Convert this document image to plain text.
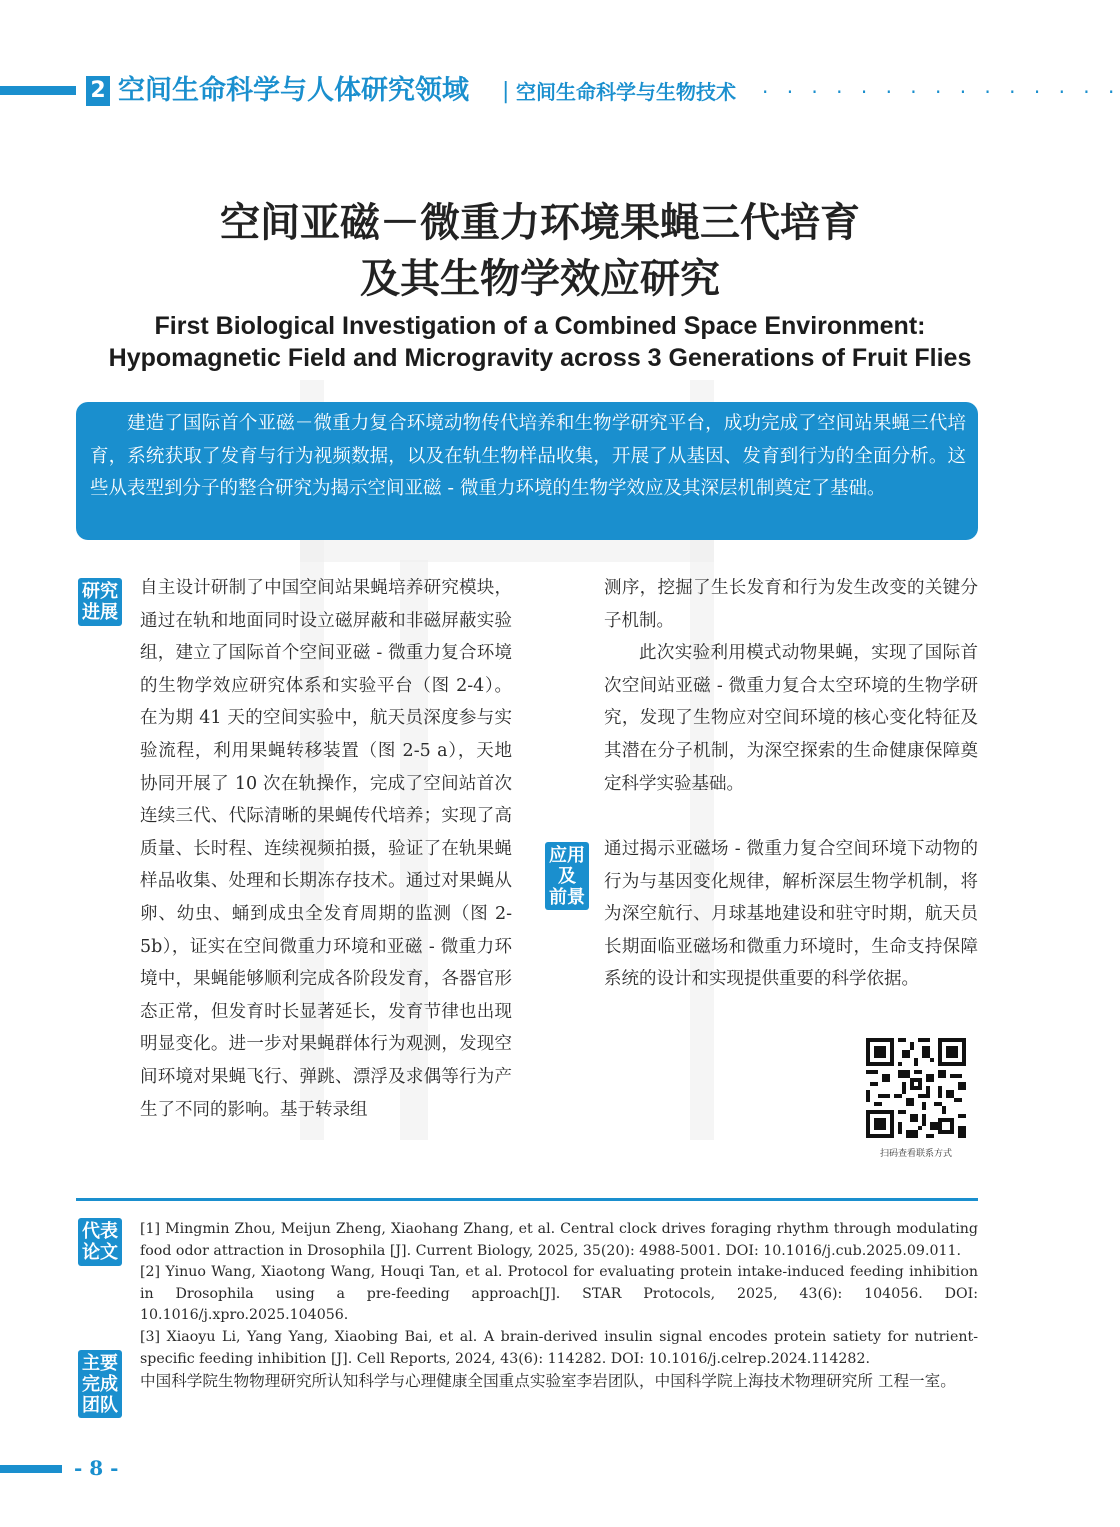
2 空间生命科学与人体研究领域 | 空间生命科学与生物技术 · · · · · · · · · · · · · · ·
空间亚磁－微重力环境果蝇三代培育
及其生物学效应研究
First Biological Investigation of a Combined Space Environment:
Hypomagnetic Field and Microgravity across 3 Generations of Fruit Flies

建造了国际首个亚磁－微重力复合环境动物传代培养和生物学研究平台，成功完成了空间站果蝇三代培育，系统获取了发育与行为视频数据，以及在轨生物样品收集，开展了从基因、发育到行为的全面分析。这些从表型到分子的整合研究为揭示空间亚磁 - 微重力环境的生物学效应及其深层机制奠定了基础。

研究
进展

自主设计研制了中国空间站果蝇培养研究模块，通过在轨和地面同时设立磁屏蔽和非磁屏蔽实验组，建立了国际首个空间亚磁 - 微重力复合环境的生物学效应研究体系和实验平台（图 2-4）。在为期 41 天的空间实验中，航天员深度参与实验流程，利用果蝇转移装置（图 2-5 a），天地协同开展了 10 次在轨操作，完成了空间站首次连续三代、代际清晰的果蝇传代培养；实现了高质量、长时程、连续视频拍摄，验证了在轨果蝇样品收集、处理和长期冻存技术。通过对果蝇从卵、幼虫、蛹到成虫全发育周期的监测（图 2-5b），证实在空间微重力环境和亚磁 - 微重力环境中，果蝇能够顺利完成各阶段发育，各器官形态正常，但发育时长显著延长，发育节律也出现明显变化。进一步对果蝇群体行为观测，发现空间环境对果蝇飞行、弹跳、漂浮及求偶等行为产生了不同的影响。基于转录组

测序，挖掘了生长发育和行为发生改变的关键分子机制。

此次实验利用模式动物果蝇，实现了国际首次空间站亚磁 - 微重力复合太空环境的生物学研究，发现了生物应对空间环境的核心变化特征及其潜在分子机制，为深空探索的生命健康保障奠定科学实验基础。

应用
及
前景

通过揭示亚磁场 - 微重力复合空间环境下动物的行为与基因变化规律，解析深层生物学机制，将为深空航行、月球基地建设和驻守时期，航天员长期面临亚磁场和微重力环境时，生命支持保障系统的设计和实现提供重要的科学依据。

扫码查看联系方式
代表
论文

[1] Mingmin Zhou, Meijun Zheng, Xiaohang Zhang, et al. Central clock drives foraging rhythm through modulating food odor attraction in Drosophila [J]. Current Biology, 2025, 35(20): 4988-5001. DOI: 10.1016/j.cub.2025.09.011.

[2] Yinuo Wang, Xiaotong Wang, Houqi Tan, et al. Protocol for evaluating protein intake-induced feeding inhibition in Drosophila using a pre-feeding approach[J]. STAR Protocols, 2025, 43(6): 104056. DOI: 10.1016/j.xpro.2025.104056.

[3] Xiaoyu Li, Yang Yang, Xiaobing Bai, et al. A brain-derived insulin signal encodes protein satiety for nutrient-specific feeding inhibition [J]. Cell Reports, 2024, 43(6): 114282. DOI: 10.1016/j.celrep.2024.114282.

主要
完成
团队
中国科学院生物物理研究所认知科学与心理健康全国重点实验室李岩团队，中国科学院上海技术物理研究所 工程一室。
- 8 -
